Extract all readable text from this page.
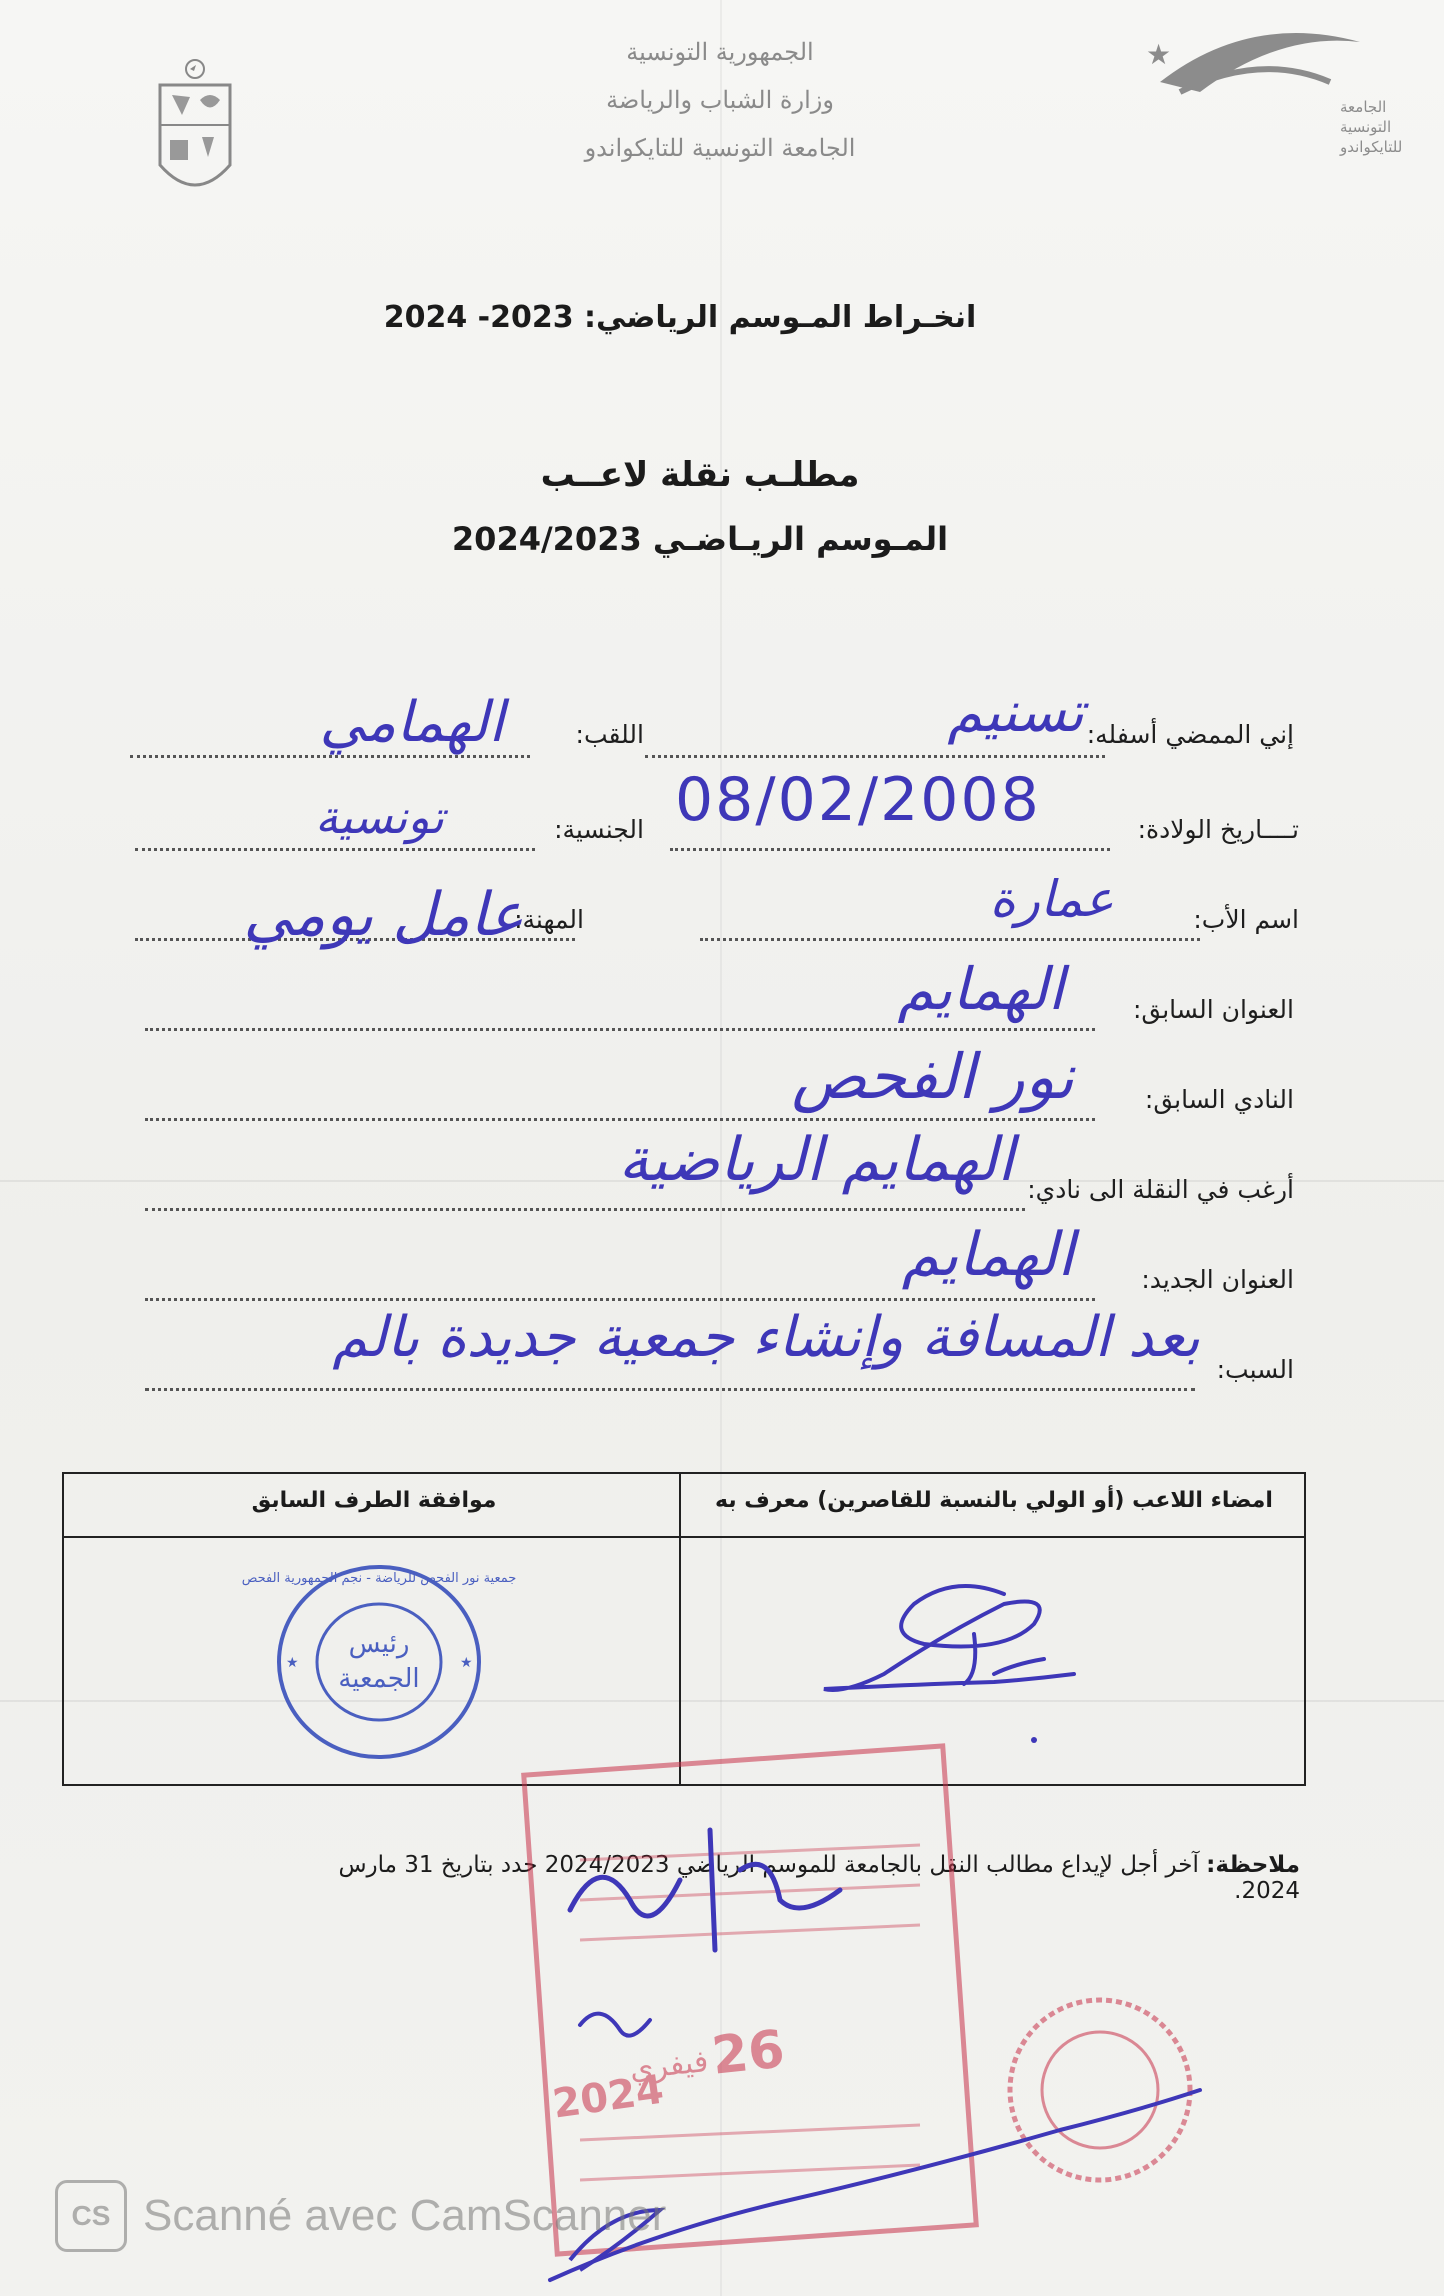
الجمهورية التونسية
وزارة الشباب والرياضة
الجامعة التونسية للتايكواندو
★
الجامعة
التونسية
للتايكواندو
انخـراط المـوسم الرياضي: 2023- 2024
مطلـب نقلة لاعــب
المـوسم الريـاضـي 2024/2023
إني الممضي أسفله:
تسنيم
اللقب:
الهمامي
تــــاريخ الولادة:
08/02/2008
الجنسية:
تونسية
اسم الأب:
عمارة
المهنة:
عامل يومي
العنوان السابق:
الهمايم
النادي السابق:
نور الفحص
أرغب في النقلة الى نادي:
الهمايم الرياضية
العنوان الجديد:
الهمايم
السبب:
بعد المسافة وإنشاء جمعية جديدة بالم
امضاء اللاعب (أو الولي بالنسبة للقاصرين) معرف به
موافقة الطرف السابق
رئيس
الجمعية
جمعية نور الفحص للرياضة - نجم الجمهورية الفحص
★	★
ملاحظة: آخر أجل لإيداع مطالب النقل بالجامعة للموسم الرياضي 2024/2023 حدد بتاريخ 31 مارس 2024.
26
فيفري
2024
CS Scanné avec CamScanner
